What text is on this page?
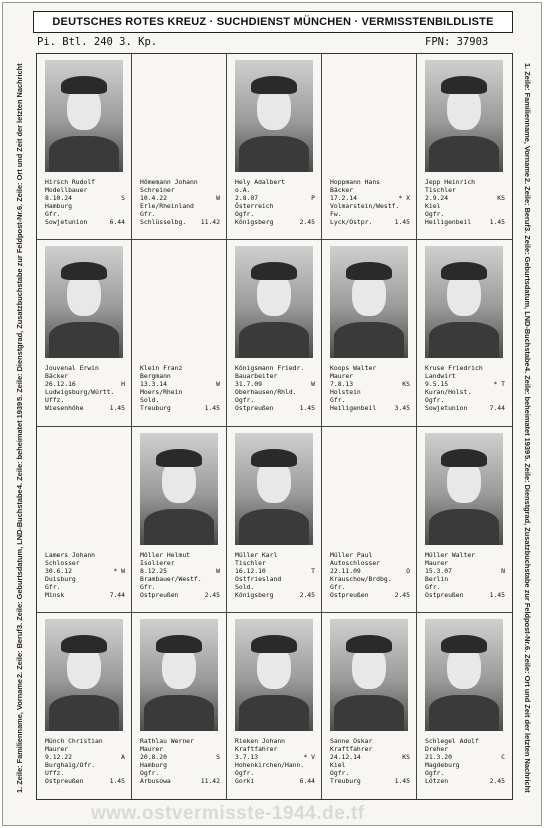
DEUTSCHES ROTES KREUZ · SUCHDIENST MÜNCHEN · VERMISSTENBILDLISTE
Pi. Btl. 240 3. Kp.	FPN: 37903
1. Zeile: Familienname, Vorname
2. Zeile: Beruf
3. Zeile: Geburtsdatum, LND-Buchstabe
4. Zeile: beheimatet 1939
5. Zeile: Dienstgrad, Zusatzbuchstabe zur Feldpost-Nr.
6. Zeile: Ort und Zeit der letzten Nachricht	1. Zeile: Familienname, Vorname
2. Zeile: Beruf
3. Zeile: Geburtsdatum, LND-Buchstabe
4. Zeile: beheimatet 1939
5. Zeile: Dienstgrad, Zusatzbuchstabe zur Feldpost-Nr.
6. Zeile: Ort und Zeit der letzten Nachricht
Hirsch Rudolf
Modellbauer
8.10.24	S
Hamburg
Gfr.
Sowjetunion	6.44
Hömemann Johann
Schreiner
10.4.22	W
Erle/Rheinland
Gfr.
Schlüsselbg. 11.42
Hely Adalbert
o.A.
2.8.07	P
Österreich
Ogfr.
Königsberg	2.45
Hoppmann Hans
Bäcker
17.2.14	* X
Volmarstein/Westf.
Fw.
Lyck/Ostpr.	1.45
Jepp Heinrich
Tischler
2.9.24	KS
Kiel
Ogfr.
Heiligenbeil	1.45
Jouvenal Erwin
Bäcker
26.12.16	H
Ludwigsburg/Württ.
Uffz.
Wiesenhöhe	1.45
Klein Franz
Bergmann
13.3.14	W
Moers/Rhein
Sold.
Treuburg	1.45
Königsmann Friedr.
Bauarbeiter
31.7.09	W
Oberhausen/Rhld.
Ogfr.
Ostpreußen	1.45
Koops Walter
Maurer
7.8.13	KS
Holstein
Gfr.
Heiligenbeil	3.45
Kruse Friedrich
Landwirt
9.5.15	* T
Kuran/Holst.
Ogfr.
Sowjetunion	7.44
Lamers Johann
Schlosser
30.6.12	* W
Duisburg
Gfr.
Minsk	7.44
Möller Helmut
Isolierer
8.12.25	W
Brambauer/Westf.
Gfr.
Ostpreußen	2.45
Müller Karl
Tischler
16.12.10	T
Ostfriesland
Sold.
Königsberg	2.45
Müller Paul
Autoschlosser
22.11.09	O
Krauschow/Brdbg.
Gfr.
Ostpreußen	2.45
Müller Walter
Maurer
15.3.07	N
Berlin
Gfr.
Ostpreußen	1.45
Münch Christian
Maurer
9.12.22	A
Burghaig/Ofr.
Uffz.
Ostpreußen	1.45
Rathlau Werner
Maurer
20.8.20	S
Hamburg
Ogfr.
Arbusowa	11.42
Rieken Johann
Kraftfahrer
3.7.13	* V
Hohenkirchen/Hann.
Ogfr.
Gorki	6.44
Sanne Oskar
Kraftfahrer
24.12.14	KS
Kiel
Ogfr.
Treuburg	1.45
Schlegel Adolf
Dreher
21.3.20	C
Magdeburg
Ogfr.
Lötzen	2.45
www.ostvermisste-1944.de.tf
